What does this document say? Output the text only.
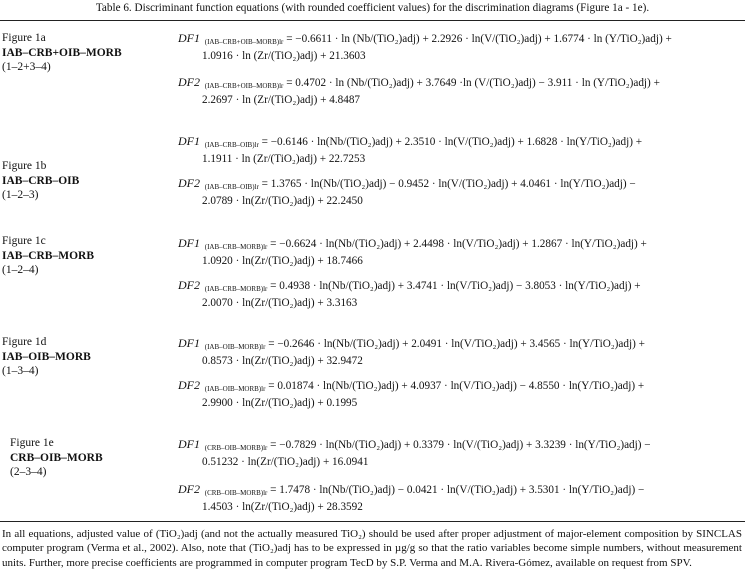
Table 6. Discriminant function equations (with rounded coefficient values) for the discrimination diagrams (Figure 1a - 1e).
Figure 1a
IAB–CRB+OIB–MORB
(1–2+3–4)
DF1 $_{(IAB-CRB+OIB-MORB)lr}$ = −0.6611 · ln (Nb/(TiO₂)adj) + 2.2926 · ln(V/(TiO₂)adj) + 1.6774 · ln (Y/TiO₂)adj) +
1.0916 · ln (Zr/(TiO₂)adj) + 21.3603
DF2 $_{(IAB-CRB+OIB-MORB)lr}$ = 0.4702 · ln (Nb/(TiO₂)adj) + 3.7649 ·ln (V/(TiO₂)adj) − 3.911 · ln (Y/TiO₂)adj) +
2.2697 · ln (Zr/(TiO₂)adj) + 4.8487
Figure 1b
IAB–CRB–OIB
(1–2–3)
DF1 $_{(IAB-CRB-OIB)lr}$ = −0.6146 · ln(Nb/(TiO₂)adj) + 2.3510 · ln(V/(TiO₂)adj) + 1.6828 · ln(Y/TiO₂)adj) +
1.1911 · ln (Zr/(TiO₂)adj) + 22.7253
DF2 $_{(IAB-CRB-OIB)lr}$ = 1.3765 · ln(Nb/(TiO₂)adj) − 0.9452 · ln(V/(TiO₂)adj) + 4.0461 · ln(Y/TiO₂)adj) −
2.0789 · ln(Zr/(TiO₂)adj) + 22.2450
Figure 1c
IAB–CRB–MORB
(1–2–4)
DF1 $_{(IAB-CRB-MORB)lr}$ = −0.6624 · ln(Nb/(TiO₂)adj) + 2.4498 · ln(V/TiO₂)adj) + 1.2867 · ln(Y/TiO₂)adj) +
1.0920 · ln(Zr/(TiO₂)adj) + 18.7466
DF2 $_{(IAB-CRB-MORB)lr}$ = 0.4938 · ln(Nb/(TiO₂)adj) + 3.4741 · ln(V/TiO₂)adj) − 3.8053 · ln(Y/TiO₂)adj) +
2.0070 · ln(Zr/(TiO₂)adj) + 3.3163
Figure 1d
IAB–OIB–MORB
(1–3–4)
DF1 $_{(IAB-OIB-MORB)lr}$ = −0.2646 · ln(Nb/(TiO₂)adj) + 2.0491 · ln(V/TiO₂)adj) + 3.4565 · ln(Y/TiO₂)adj) +
0.8573 · ln(Zr/(TiO₂)adj) + 32.9472
DF2 $_{(IAB-OIB-MORB)lr}$ = 0.01874 · ln(Nb/(TiO₂)adj) + 4.0937 · ln(V/TiO₂)adj) − 4.8550 · ln(Y/TiO₂)adj) +
2.9900 · ln(Zr/(TiO₂)adj) + 0.1995
Figure 1e
CRB–OIB–MORB
(2–3–4)
DF1 $_{(CRB-OIB-MORB)lr}$ = −0.7829 · ln(Nb/(TiO₂)adj) + 0.3379 · ln(V/(TiO₂)adj) + 3.3239 · ln(Y/TiO₂)adj) −
0.51232 · ln(Zr/(TiO₂)adj) + 16.0941
DF2 $_{(CRB-OIB-MORB)lr}$ = 1.7478 · ln(Nb/(TiO₂)adj) − 0.0421 · ln(V/(TiO₂)adj) + 3.5301 · ln(Y/TiO₂)adj) −
1.4503 · ln(Zr/(TiO₂)adj) + 28.3592
In all equations, adjusted value of (TiO₂)adj (and not the actually measured TiO₂) should be used after proper adjustment of major-element composition by SINCLAS computer program (Verma et al., 2002). Also, note that (TiO₂)adj has to be expressed in µg/g so that the ratio variables become simple numbers, without measurement units. Further, more precise coefficients are programmed in computer program TecD by S.P. Verma and M.A. Rivera-Gómez, available on request from SPV.
